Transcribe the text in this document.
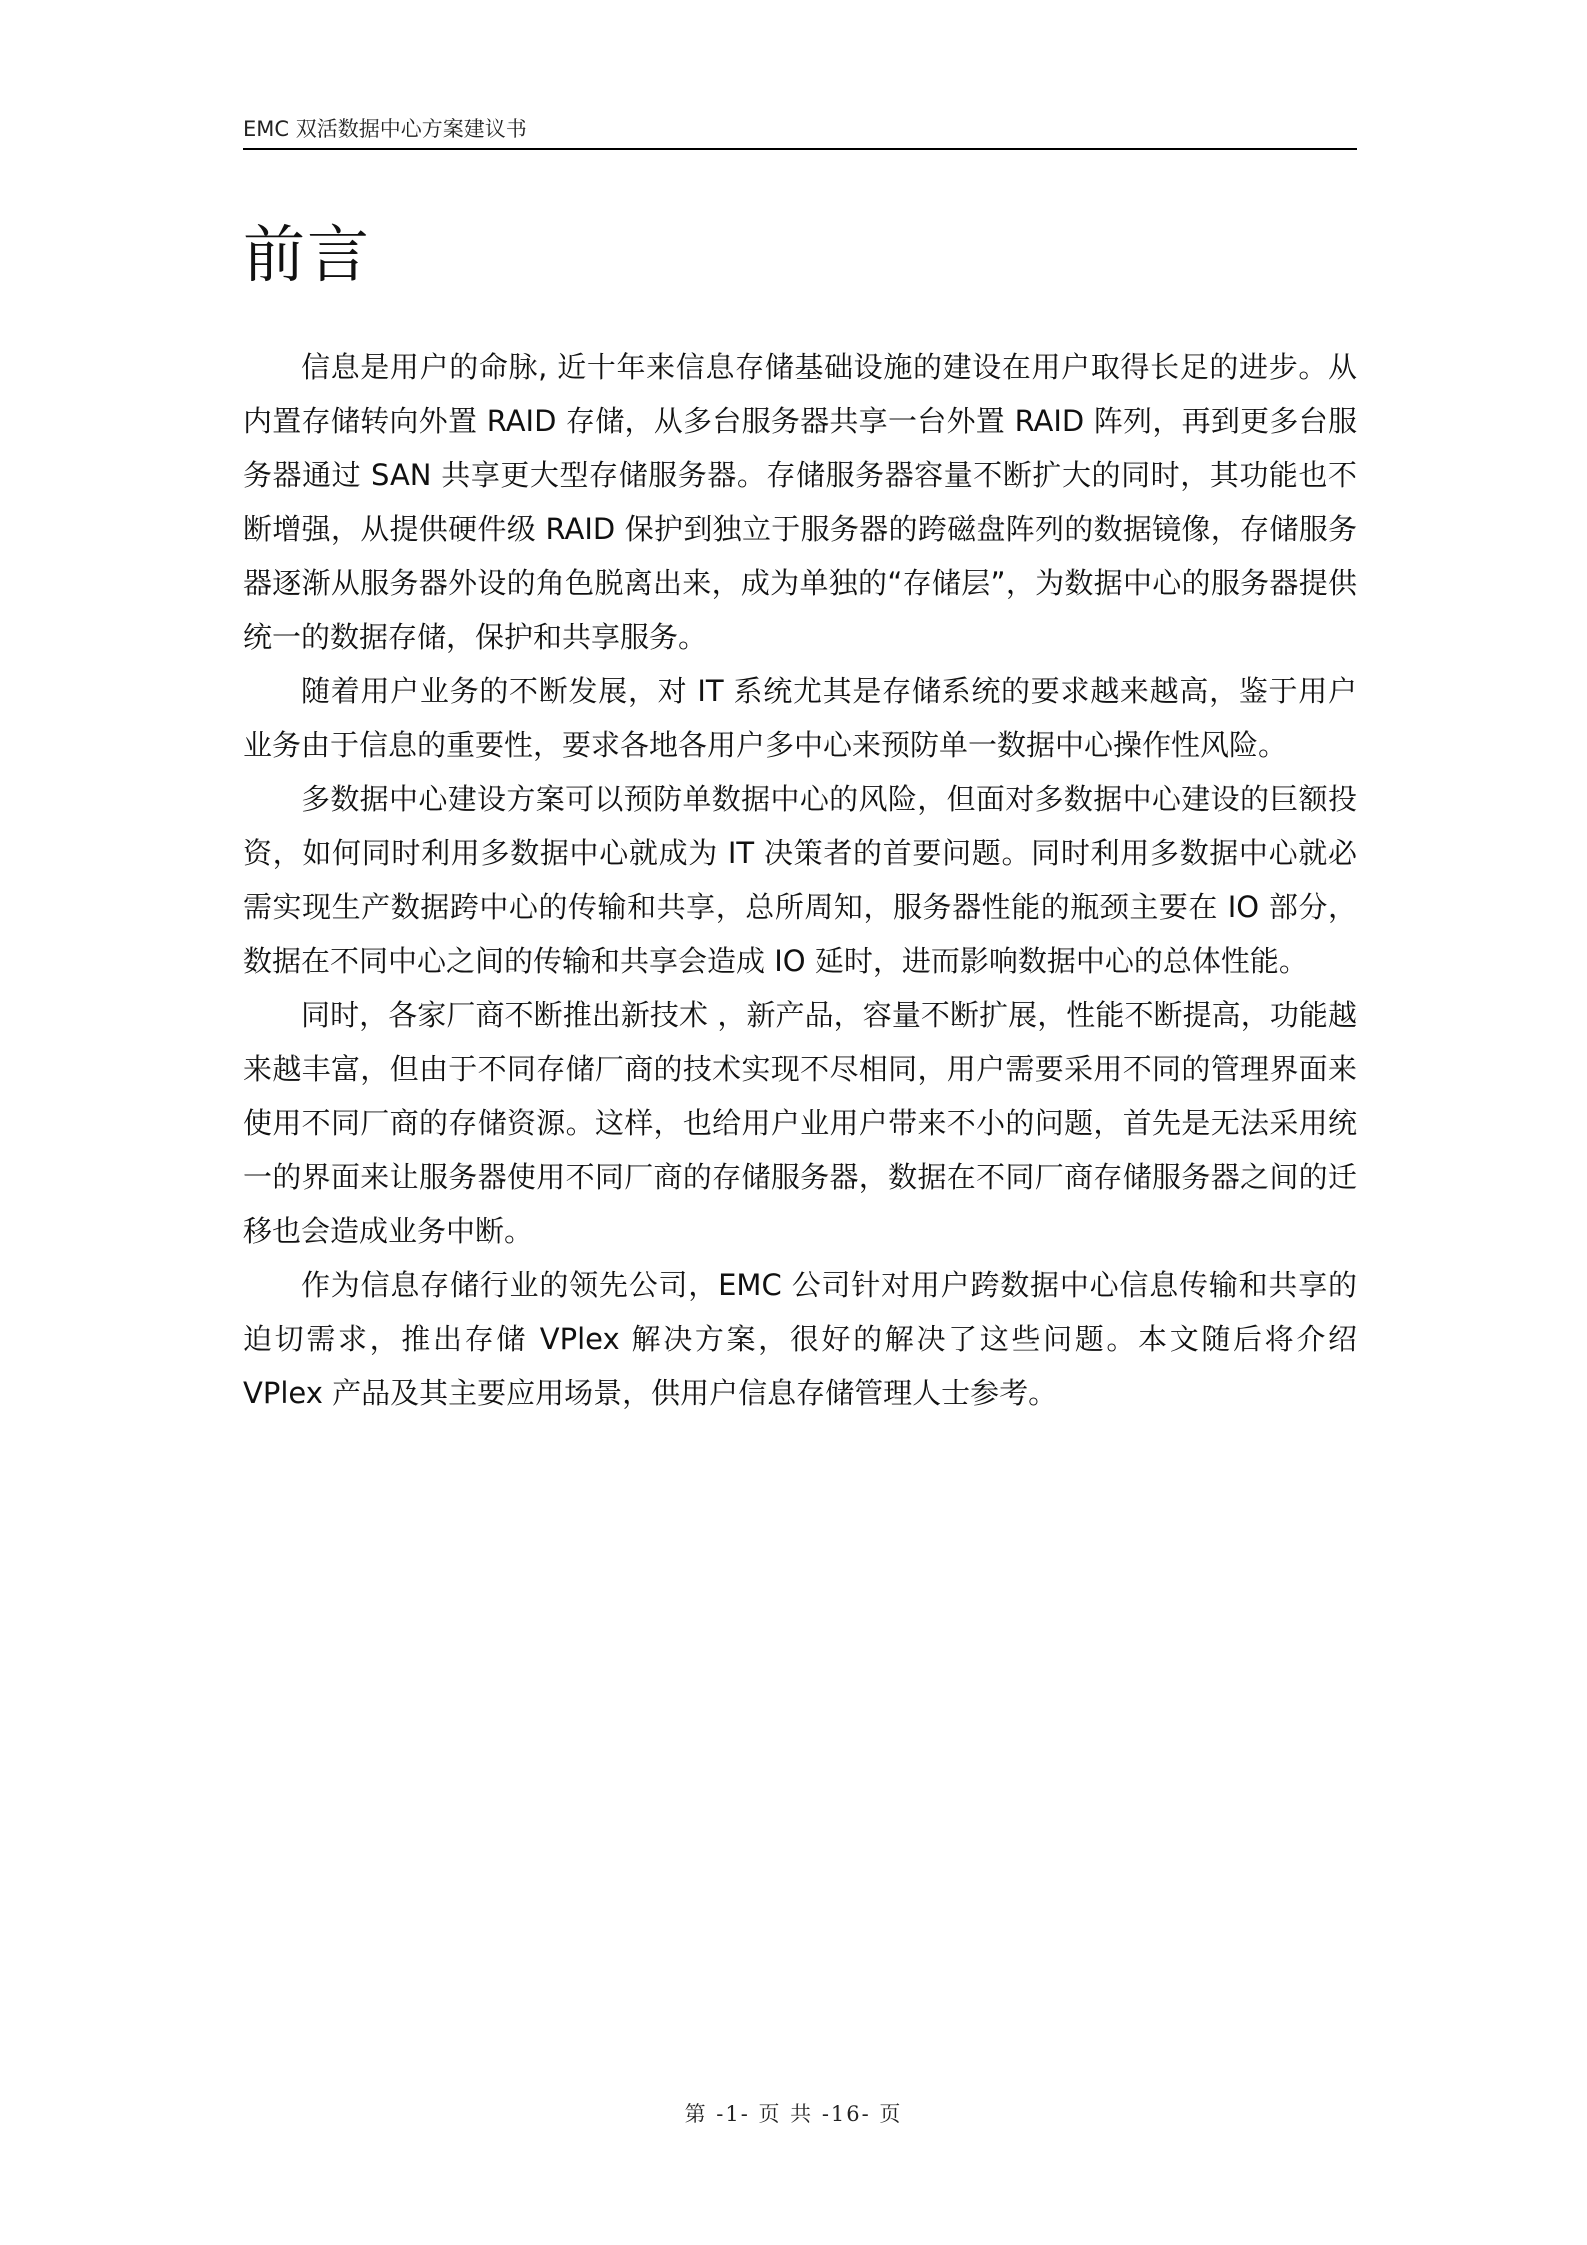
EMC 双活数据中心方案建议书
前言

信息是用户的命脉, 近十年来信息存储基础设施的建设在用户取得长足的进步。从内置存储转向外置 RAID 存储，从多台服务器共享一台外置 RAID 阵列，再到更多台服务器通过 SAN 共享更大型存储服务器。存储服务器容量不断扩大的同时，其功能也不断增强，从提供硬件级 RAID 保护到独立于服务器的跨磁盘阵列的数据镜像，存储服务器逐渐从服务器外设的角色脱离出来，成为单独的“存储层”，为数据中心的服务器提供统一的数据存储，保护和共享服务。

随着用户业务的不断发展，对 IT 系统尤其是存储系统的要求越来越高，鉴于用户业务由于信息的重要性，要求各地各用户多中心来预防单一数据中心操作性风险。

多数据中心建设方案可以预防单数据中心的风险，但面对多数据中心建设的巨额投资，如何同时利用多数据中心就成为 IT 决策者的首要问题。同时利用多数据中心就必需实现生产数据跨中心的传输和共享，总所周知，服务器性能的瓶颈主要在 IO 部分，数据在不同中心之间的传输和共享会造成 IO 延时，进而影响数据中心的总体性能。

同时，各家厂商不断推出新技术 ，新产品，容量不断扩展，性能不断提高，功能越来越丰富，但由于不同存储厂商的技术实现不尽相同，用户需要采用不同的管理界面来使用不同厂商的存储资源。这样，也给用户业用户带来不小的问题，首先是无法采用统一的界面来让服务器使用不同厂商的存储服务器，数据在不同厂商存储服务器之间的迁移也会造成业务中断。

作为信息存储行业的领先公司，EMC 公司针对用户跨数据中心信息传输和共享的迫切需求，推出存储 VPlex 解决方案，很好的解决了这些问题。本文随后将介绍 VPlex 产品及其主要应用场景，供用户信息存储管理人士参考。

第 -1- 页 共 -16- 页
